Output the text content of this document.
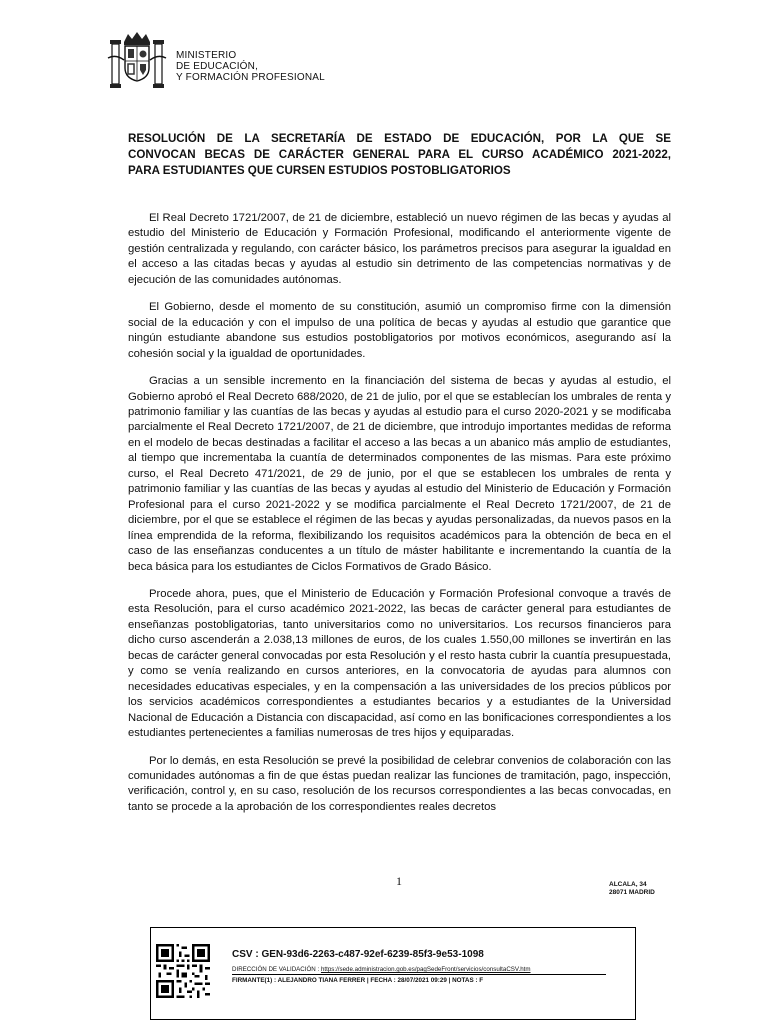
MINISTERIO
DE EDUCACIÓN,
Y FORMACIÓN PROFESIONAL
RESOLUCIÓN DE LA SECRETARÍA DE ESTADO DE EDUCACIÓN, POR LA QUE SE
CONVOCAN BECAS DE CARÁCTER GENERAL PARA EL CURSO ACADÉMICO 2021-2022,
PARA ESTUDIANTES QUE CURSEN ESTUDIOS POSTOBLIGATORIOS

El Real Decreto 1721/2007, de 21 de diciembre, estableció un nuevo régimen de las becas y ayudas al estudio del Ministerio de Educación y Formación Profesional, modificando el anteriormente vigente de gestión centralizada y regulando, con carácter básico, los parámetros precisos para asegurar la igualdad en el acceso a las citadas becas y ayudas al estudio sin detrimento de las competencias normativas y de ejecución de las comunidades autónomas.

El Gobierno, desde el momento de su constitución, asumió un compromiso firme con la dimensión social de la educación y con el impulso de una política de becas y ayudas al estudio que garantice que ningún estudiante abandone sus estudios postobligatorios por motivos económicos, asegurando así la cohesión social y la igualdad de oportunidades.

Gracias a un sensible incremento en la financiación del sistema de becas y ayudas al estudio, el Gobierno aprobó el Real Decreto 688/2020, de 21 de julio, por el que se establecían los umbrales de renta y patrimonio familiar y las cuantías de las becas y ayudas al estudio para el curso 2020-2021 y se modificaba parcialmente el Real Decreto 1721/2007, de 21 de diciembre, que introdujo importantes medidas de reforma en el modelo de becas destinadas a facilitar el acceso a las becas a un abanico más amplio de estudiantes, al tiempo que incrementaba la cuantía de determinados componentes de las mismas. Para este próximo curso, el Real Decreto 471/2021, de 29 de junio, por el que se establecen los umbrales de renta y patrimonio familiar y las cuantías de las becas y ayudas al estudio del Ministerio de Educación y Formación Profesional para el curso 2021-2022 y se modifica parcialmente el Real Decreto 1721/2007, de 21 de diciembre, por el que se establece el régimen de las becas y ayudas personalizadas, da nuevos pasos en la línea emprendida de la reforma, flexibilizando los requisitos académicos para la obtención de beca en el caso de las enseñanzas conducentes a un título de máster habilitante e incrementando la cuantía de la beca básica para los estudiantes de Ciclos Formativos de Grado Básico.

Procede ahora, pues, que el Ministerio de Educación y Formación Profesional convoque a través de esta Resolución, para el curso académico 2021-2022, las becas de carácter general para estudiantes de enseñanzas postobligatorias, tanto universitarios como no universitarios. Los recursos financieros para dicho curso ascenderán a 2.038,13 millones de euros, de los cuales 1.550,00 millones se invertirán en las becas de carácter general convocadas por esta Resolución y el resto hasta cubrir la cuantía presupuestada, y como se venía realizando en cursos anteriores, en la convocatoria de ayudas para alumnos con necesidades educativas especiales, y en la compensación a las universidades de los precios públicos por los servicios académicos correspondientes a estudiantes becarios y a estudiantes de la Universidad Nacional de Educación a Distancia con discapacidad, así como en las bonificaciones correspondientes a los estudiantes pertenecientes a familias numerosas de tres hijos y equiparadas.

Por lo demás, en esta Resolución se prevé la posibilidad de celebrar convenios de colaboración con las comunidades autónomas a fin de que éstas puedan realizar las funciones de tramitación, pago, inspección, verificación, control y, en su caso, resolución de los recursos correspondientes a las becas convocadas, en tanto se procede a la aprobación de los correspondientes reales decretos

1	ALCALA, 34
28071 MADRID
CSV : GEN-93d6-2263-c487-92ef-6239-85f3-9e53-1098
DIRECCIÓN DE VALIDACIÓN : https://sede.administracion.gob.es/pagSedeFront/servicios/consultaCSV.htm
FIRMANTE(1) : ALEJANDRO TIANA FERRER | FECHA : 28/07/2021 09:29 | NOTAS : F
